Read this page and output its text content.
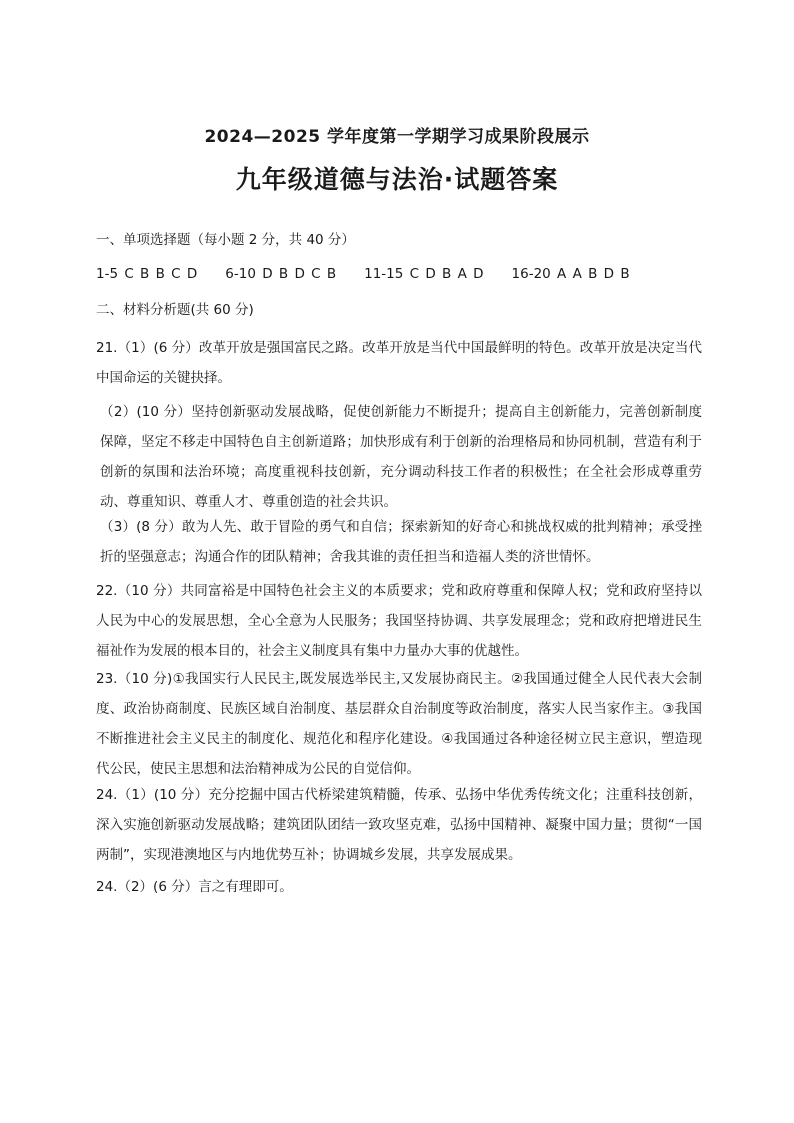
2024—2025 学年度第一学期学习成果阶段展示
九年级道德与法治·试题答案
一、单项选择题（每小题 2 分，共 40 分）
1-5 C B B C D 6-10 D B D C B 11-15 C D B A D 16-20 A A B D B
二、材料分析题(共 60 分)
21.（1）(6 分）改革开放是强国富民之路。改革开放是当代中国最鲜明的特色。改革开放是决定当代中国命运的关键抉择。
（2）(10 分）坚持创新驱动发展战略，促使创新能力不断提升；提高自主创新能力，完善创新制度保障，坚定不移走中国特色自主创新道路；加快形成有利于创新的治理格局和协同机制，营造有利于创新的氛围和法治环境；高度重视科技创新，充分调动科技工作者的积极性；在全社会形成尊重劳动、尊重知识、尊重人才、尊重创造的社会共识。
（3）(8 分）敢为人先、敢于冒险的勇气和自信；探索新知的好奇心和挑战权威的批判精神；承受挫折的坚强意志；沟通合作的团队精神；舍我其谁的责任担当和造福人类的济世情怀。
22.（10 分）共同富裕是中国特色社会主义的本质要求；党和政府尊重和保障人权；党和政府坚持以人民为中心的发展思想，全心全意为人民服务；我国坚持协调、共享发展理念；党和政府把增进民生福祉作为发展的根本目的，社会主义制度具有集中力量办大事的优越性。
23.（10 分)①我国实行人民民主,既发展选举民主,又发展协商民主。②我国通过健全人民代表大会制度、政治协商制度、民族区域自治制度、基层群众自治制度等政治制度，落实人民当家作主。③我国不断推进社会主义民主的制度化、规范化和程序化建设。④我国通过各种途径树立民主意识，塑造现代公民，使民主思想和法治精神成为公民的自觉信仰。
24.（1）(10 分）充分挖掘中国古代桥梁建筑精髓，传承、弘扬中华优秀传统文化；注重科技创新，深入实施创新驱动发展战略；建筑团队团结一致攻坚克难，弘扬中国精神、凝聚中国力量；贯彻“一国两制”，实现港澳地区与内地优势互补；协调城乡发展，共享发展成果。
24.（2）(6 分）言之有理即可。
